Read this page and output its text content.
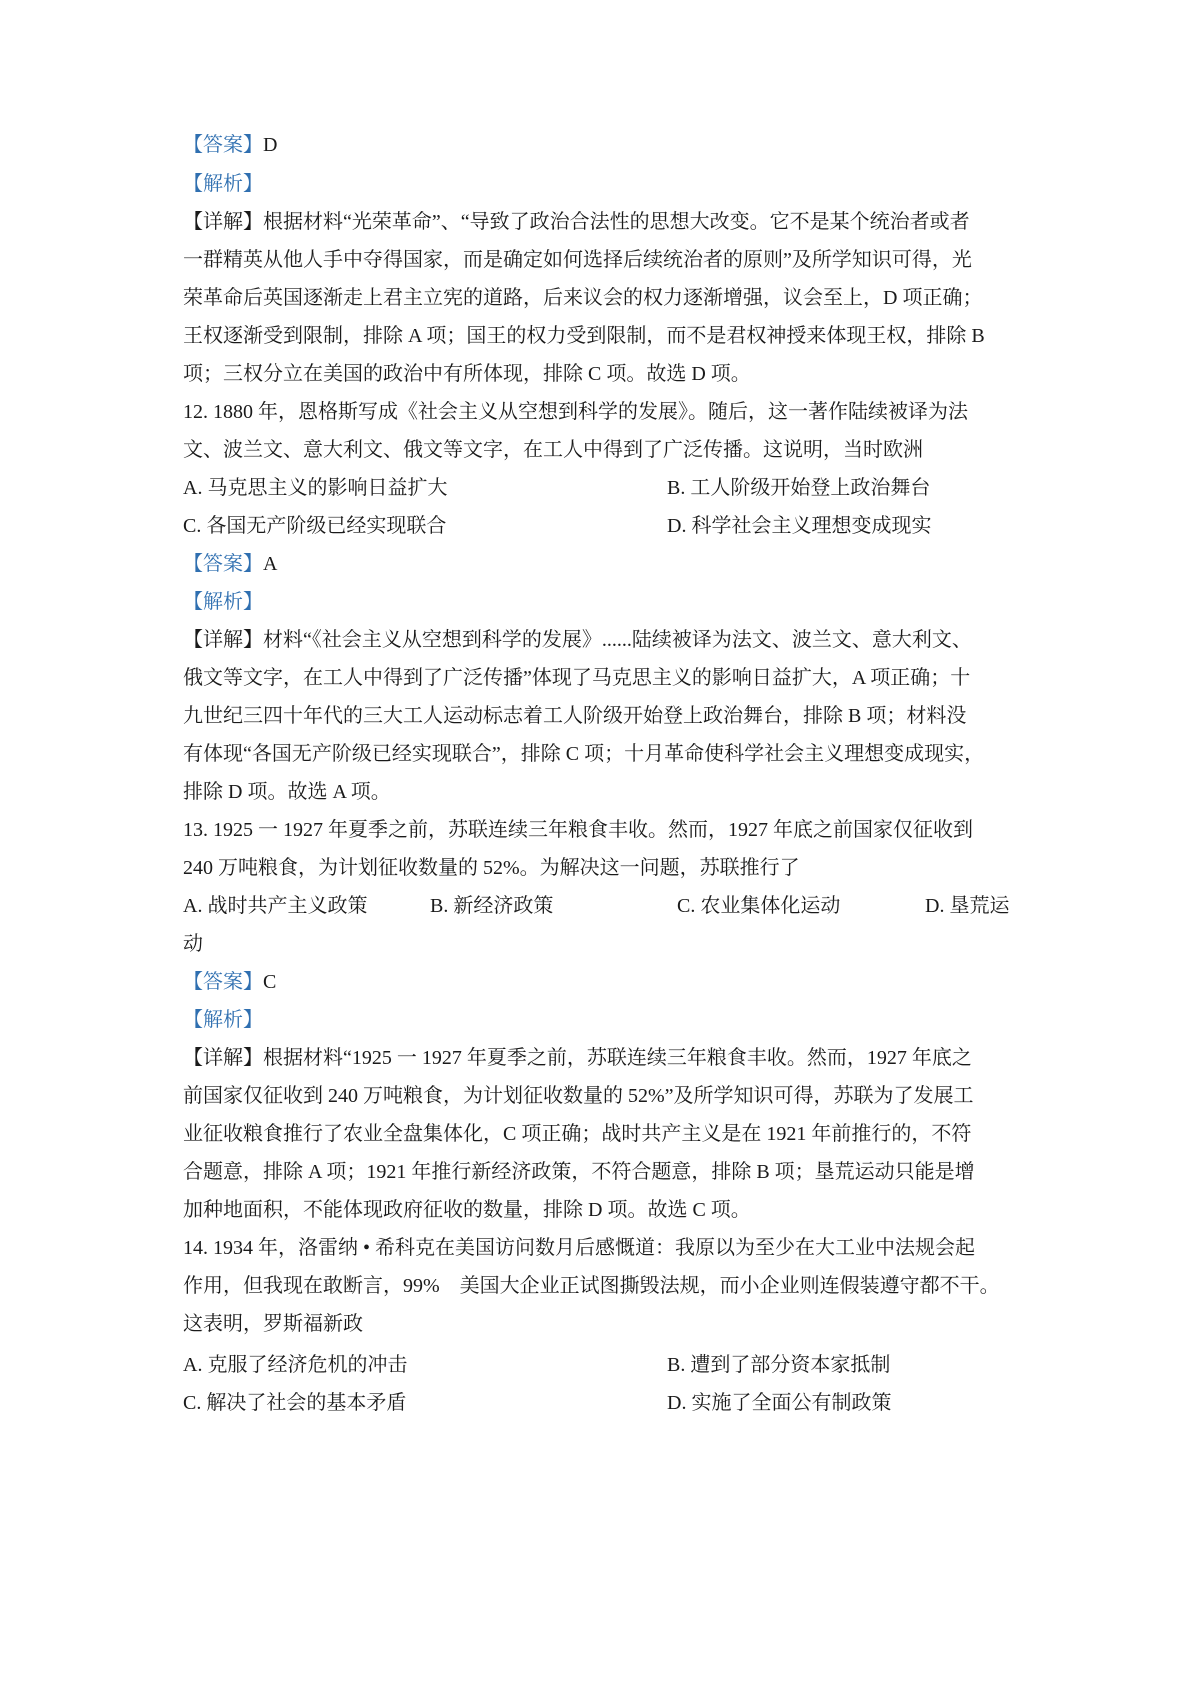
【答案】D
【解析】
【详解】根据材料“光荣革命”、“导致了政治合法性的思想大改变。它不是某个统治者或者
一群精英从他人手中夺得国家，而是确定如何选择后续统治者的原则”及所学知识可得，光
荣革命后英国逐渐走上君主立宪的道路，后来议会的权力逐渐增强，议会至上，D 项正确；
王权逐渐受到限制，排除 A 项；国王的权力受到限制，而不是君权神授来体现王权，排除 B
项；三权分立在美国的政治中有所体现，排除 C 项。故选 D 项。
12. 1880 年，恩格斯写成《社会主义从空想到科学的发展》。随后，这一著作陆续被译为法
文、波兰文、意大利文、俄文等文字，在工人中得到了广泛传播。这说明，当时欧洲
A. 马克思主义的影响日益扩大	B. 工人阶级开始登上政治舞台
C. 各国无产阶级已经实现联合	D. 科学社会主义理想变成现实
【答案】A
【解析】
【详解】材料“《社会主义从空想到科学的发展》......陆续被译为法文、波兰文、意大利文、
俄文等文字，在工人中得到了广泛传播”体现了马克思主义的影响日益扩大，A 项正确；十
九世纪三四十年代的三大工人运动标志着工人阶级开始登上政治舞台，排除 B 项；材料没
有体现“各国无产阶级已经实现联合”，排除 C 项；十月革命使科学社会主义理想变成现实，
排除 D 项。故选 A 项。
13. 1925 一 1927 年夏季之前，苏联连续三年粮食丰收。然而，1927 年底之前国家仅征收到
240 万吨粮食，为计划征收数量的 52%。为解决这一问题，苏联推行了
A. 战时共产主义政策	B. 新经济政策	C. 农业集体化运动	D. 垦荒运
动
【答案】C
【解析】
【详解】根据材料“1925 一 1927 年夏季之前，苏联连续三年粮食丰收。然而，1927 年底之
前国家仅征收到 240 万吨粮食，为计划征收数量的 52%”及所学知识可得，苏联为了发展工
业征收粮食推行了农业全盘集体化，C 项正确；战时共产主义是在 1921 年前推行的，不符
合题意，排除 A 项；1921 年推行新经济政策，不符合题意，排除 B 项；垦荒运动只能是增
加种地面积，不能体现政府征收的数量，排除 D 项。故选 C 项。
14. 1934 年，洛雷纳 • 希科克在美国访问数月后感慨道：我原以为至少在大工业中法规会起
作用，但我现在敢断言，99%　美国大企业正试图撕毁法规，而小企业则连假装遵守都不干。
这表明，罗斯福新政
A. 克服了经济危机的冲击	B. 遭到了部分资本家抵制
C. 解决了社会的基本矛盾	D. 实施了全面公有制政策
